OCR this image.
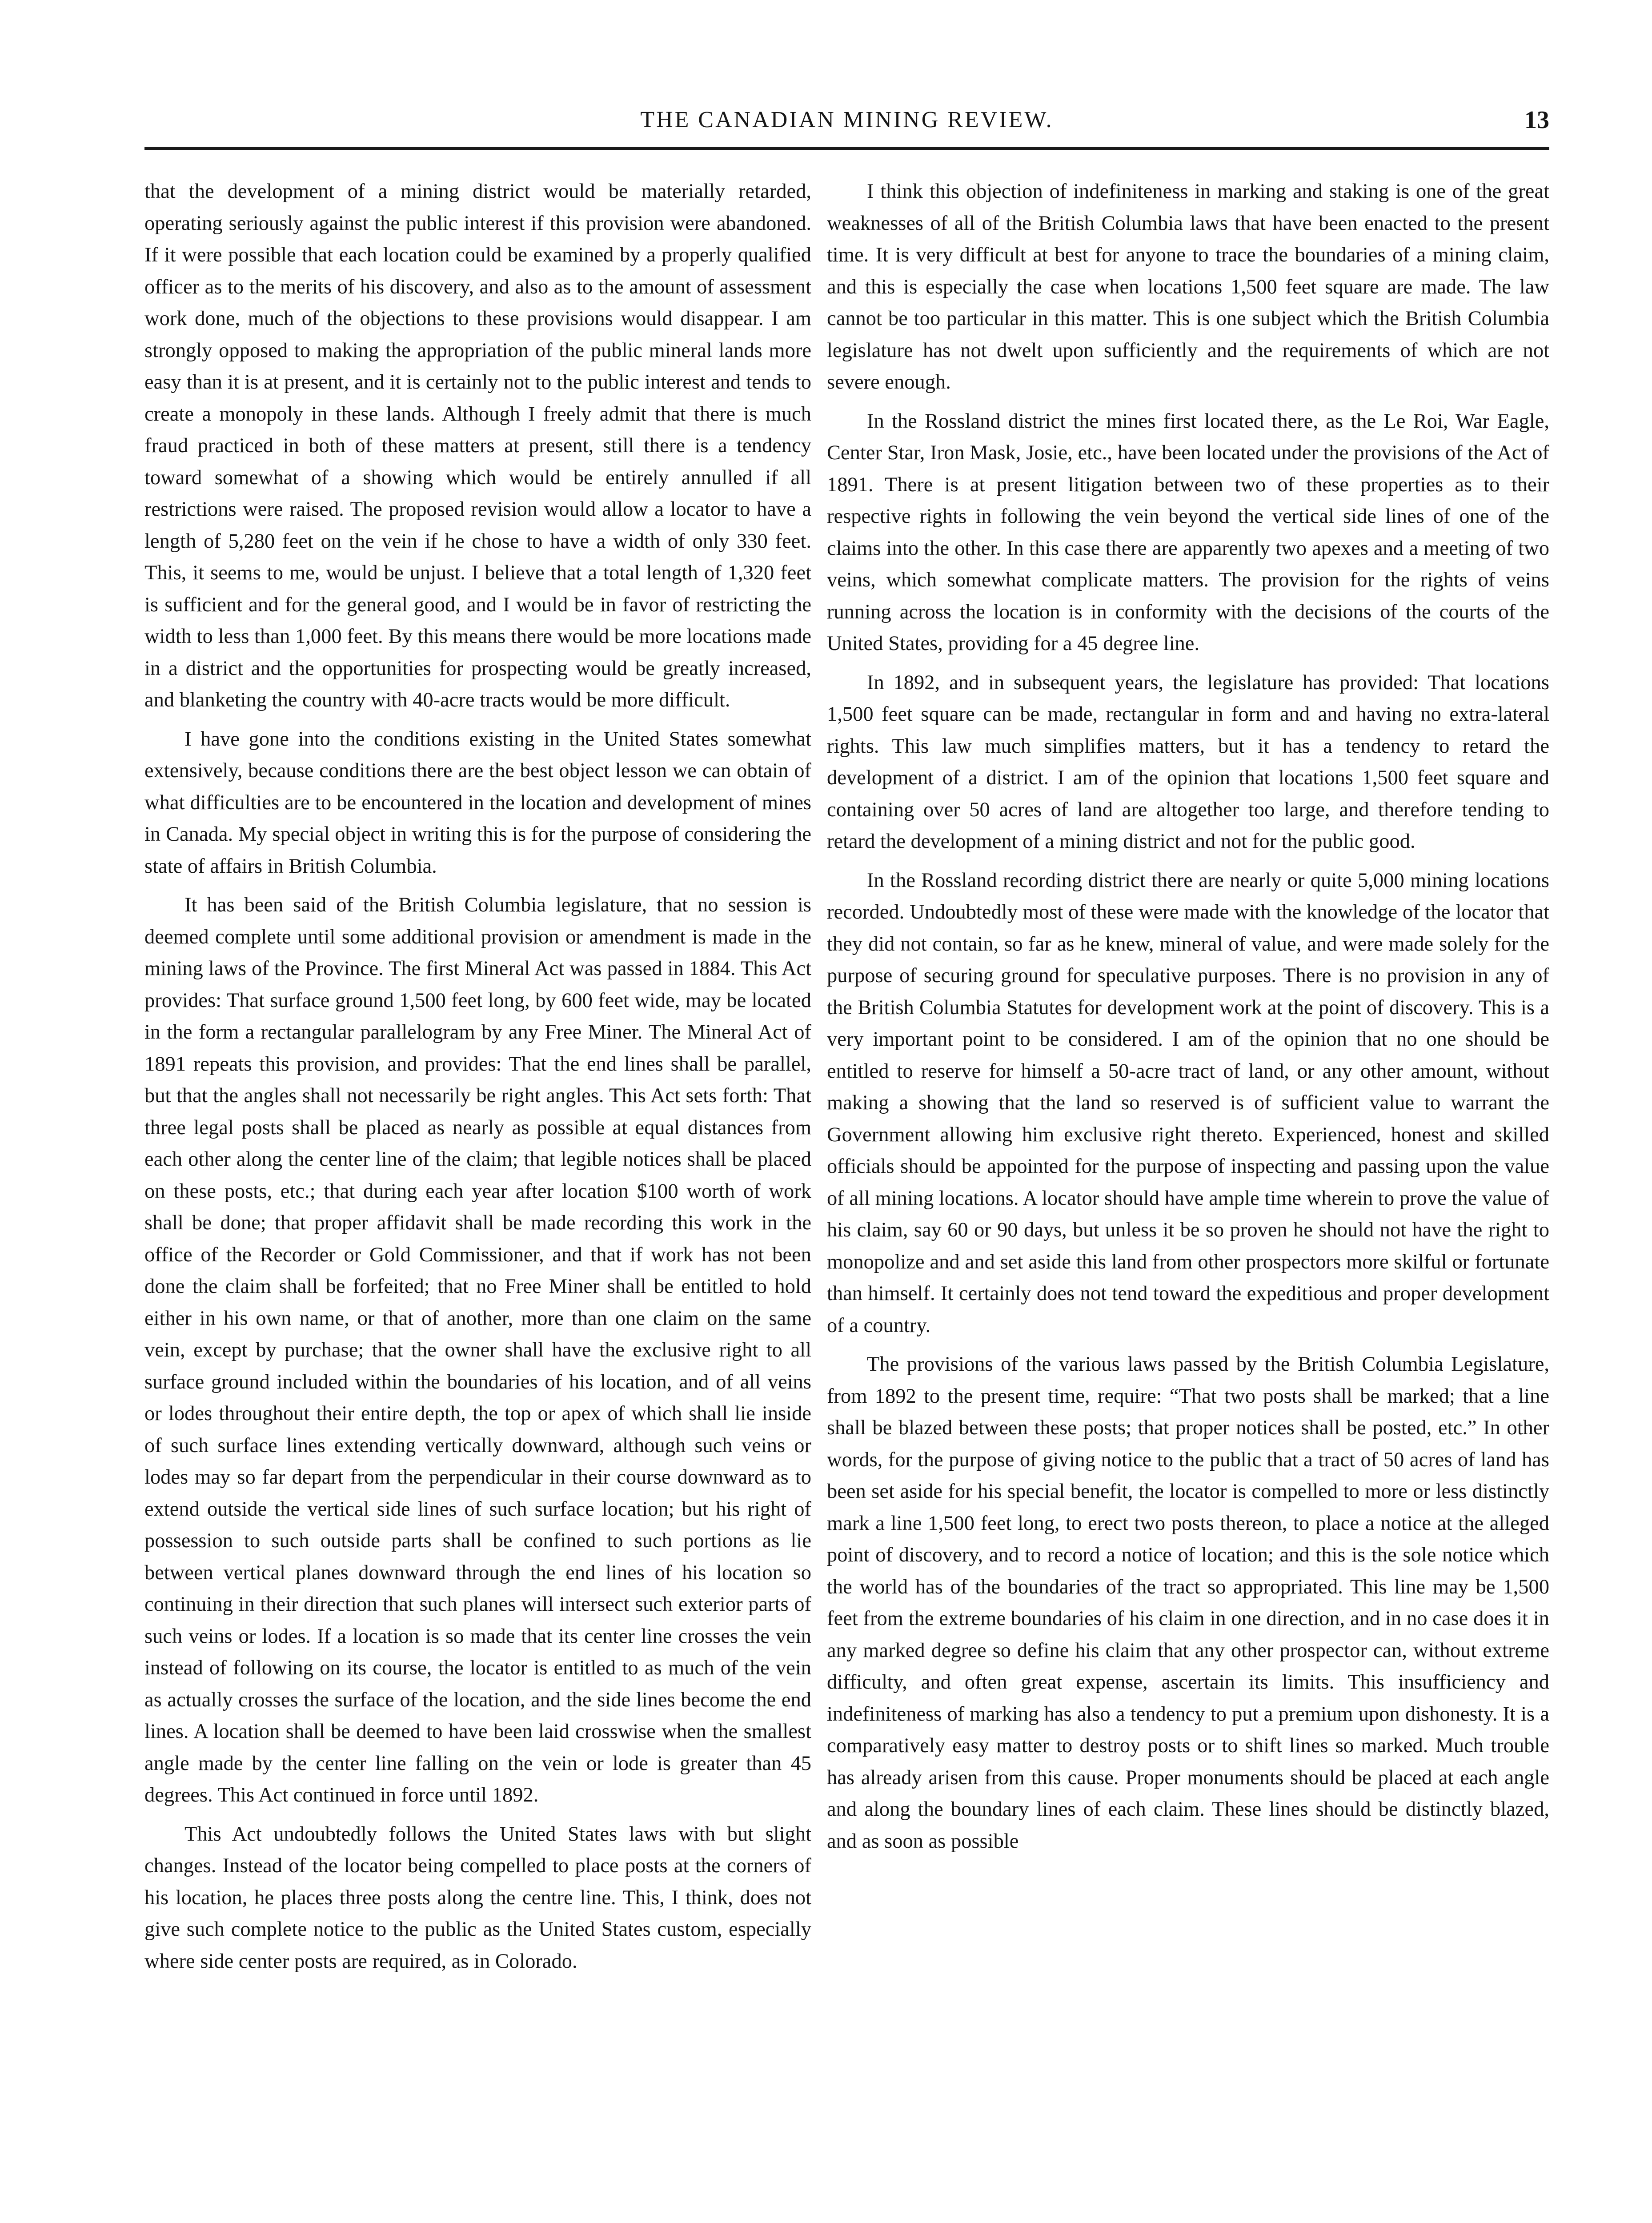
THE CANADIAN MINING REVIEW.	13

that the development of a mining district would be materially retarded, operating seriously against the public interest if this provision were abandoned. If it were possible that each location could be examined by a properly qualified officer as to the merits of his discovery, and also as to the amount of assessment work done, much of the objections to these provisions would disappear. I am strongly opposed to making the appropriation of the public mineral lands more easy than it is at present, and it is certainly not to the public interest and tends to create a monopoly in these lands. Although I freely admit that there is much fraud practiced in both of these matters at present, still there is a tendency toward somewhat of a showing which would be entirely annulled if all restrictions were raised. The proposed revision would allow a locator to have a length of 5,280 feet on the vein if he chose to have a width of only 330 feet. This, it seems to me, would be unjust. I believe that a total length of 1,320 feet is sufficient and for the general good, and I would be in favor of restricting the width to less than 1,000 feet. By this means there would be more locations made in a district and the opportunities for prospecting would be greatly increased, and blanketing the country with 40-acre tracts would be more difficult.

I have gone into the conditions existing in the United States somewhat extensively, because conditions there are the best object lesson we can obtain of what difficulties are to be encountered in the location and development of mines in Canada. My special object in writing this is for the purpose of considering the state of affairs in British Columbia.

It has been said of the British Columbia legislature, that no session is deemed complete until some additional provision or amendment is made in the mining laws of the Province. The first Mineral Act was passed in 1884. This Act provides: That surface ground 1,500 feet long, by 600 feet wide, may be located in the form a rectangular parallelogram by any Free Miner. The Mineral Act of 1891 repeats this provision, and provides: That the end lines shall be parallel, but that the angles shall not necessarily be right angles. This Act sets forth: That three legal posts shall be placed as nearly as possible at equal distances from each other along the center line of the claim; that legible notices shall be placed on these posts, etc.; that during each year after location $100 worth of work shall be done; that proper affidavit shall be made recording this work in the office of the Recorder or Gold Commissioner, and that if work has not been done the claim shall be forfeited; that no Free Miner shall be entitled to hold either in his own name, or that of another, more than one claim on the same vein, except by purchase; that the owner shall have the exclusive right to all surface ground included within the boundaries of his location, and of all veins or lodes throughout their entire depth, the top or apex of which shall lie inside of such surface lines extending vertically downward, although such veins or lodes may so far depart from the perpendicular in their course downward as to extend outside the vertical side lines of such surface location; but his right of possession to such outside parts shall be confined to such portions as lie between vertical planes downward through the end lines of his location so continuing in their direction that such planes will intersect such exterior parts of such veins or lodes. If a location is so made that its center line crosses the vein instead of following on its course, the locator is entitled to as much of the vein as actually crosses the surface of the location, and the side lines become the end lines. A location shall be deemed to have been laid crosswise when the smallest angle made by the center line falling on the vein or lode is greater than 45 degrees. This Act continued in force until 1892.

This Act undoubtedly follows the United States laws with but slight changes. Instead of the locator being compelled to place posts at the corners of his location, he places three posts along the centre line. This, I think, does not give such complete notice to the public as the United States custom, especially where side center posts are required, as in Colorado.

I think this objection of indefiniteness in marking and staking is one of the great weaknesses of all of the British Columbia laws that have been enacted to the present time. It is very difficult at best for anyone to trace the boundaries of a mining claim, and this is especially the case when locations 1,500 feet square are made. The law cannot be too particular in this matter. This is one subject which the British Columbia legislature has not dwelt upon sufficiently and the requirements of which are not severe enough.

In the Rossland district the mines first located there, as the Le Roi, War Eagle, Center Star, Iron Mask, Josie, etc., have been located under the provisions of the Act of 1891. There is at present litigation between two of these properties as to their respective rights in following the vein beyond the vertical side lines of one of the claims into the other. In this case there are apparently two apexes and a meeting of two veins, which somewhat complicate matters. The provision for the rights of veins running across the location is in conformity with the decisions of the courts of the United States, providing for a 45 degree line.

In 1892, and in subsequent years, the legislature has provided: That locations 1,500 feet square can be made, rectangular in form and and having no extra-lateral rights. This law much simplifies matters, but it has a tendency to retard the development of a district. I am of the opinion that locations 1,500 feet square and containing over 50 acres of land are altogether too large, and therefore tending to retard the development of a mining district and not for the public good.

In the Rossland recording district there are nearly or quite 5,000 mining locations recorded. Undoubtedly most of these were made with the knowledge of the locator that they did not contain, so far as he knew, mineral of value, and were made solely for the purpose of securing ground for speculative purposes. There is no provision in any of the British Columbia Statutes for development work at the point of discovery. This is a very important point to be considered. I am of the opinion that no one should be entitled to reserve for himself a 50-acre tract of land, or any other amount, without making a showing that the land so reserved is of sufficient value to warrant the Government allowing him exclusive right thereto. Experienced, honest and skilled officials should be appointed for the purpose of inspecting and passing upon the value of all mining locations. A locator should have ample time wherein to prove the value of his claim, say 60 or 90 days, but unless it be so proven he should not have the right to monopolize and and set aside this land from other prospectors more skilful or fortunate than himself. It certainly does not tend toward the expeditious and proper development of a country.

The provisions of the various laws passed by the British Columbia Legislature, from 1892 to the present time, require: “That two posts shall be marked; that a line shall be blazed between these posts; that proper notices shall be posted, etc.” In other words, for the purpose of giving notice to the public that a tract of 50 acres of land has been set aside for his special benefit, the locator is compelled to more or less distinctly mark a line 1,500 feet long, to erect two posts thereon, to place a notice at the alleged point of discovery, and to record a notice of location; and this is the sole notice which the world has of the boundaries of the tract so appropriated. This line may be 1,500 feet from the extreme boundaries of his claim in one direction, and in no case does it in any marked degree so define his claim that any other prospector can, without extreme difficulty, and often great expense, ascertain its limits. This insufficiency and indefiniteness of marking has also a tendency to put a premium upon dishonesty. It is a comparatively easy matter to destroy posts or to shift lines so marked. Much trouble has already arisen from this cause. Proper monuments should be placed at each angle and along the boundary lines of each claim. These lines should be distinctly blazed, and as soon as possible
